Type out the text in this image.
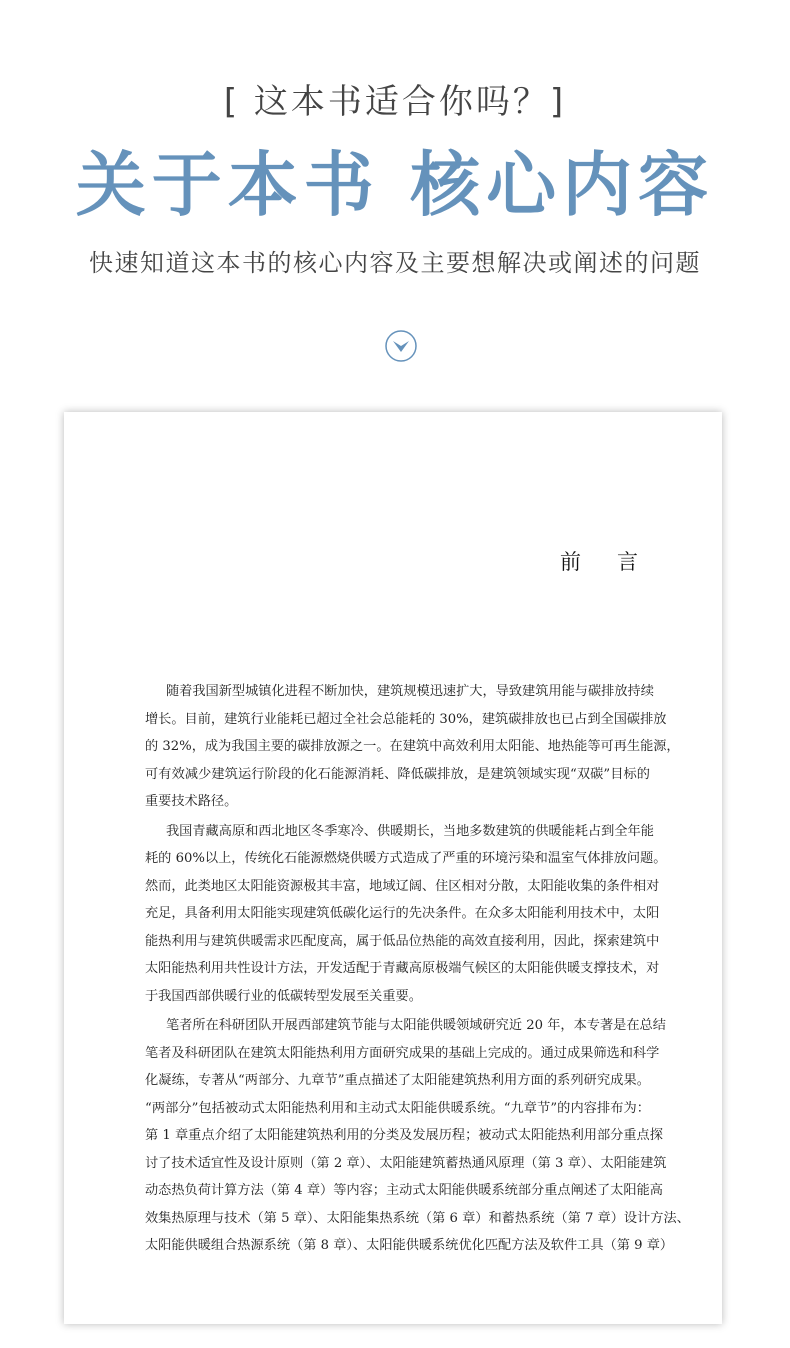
[ 这本书适合你吗？]
关于本书 核心内容
快速知道这本书的核心内容及主要想解决或阐述的问题
前言
随着我国新型城镇化进程不断加快，建筑规模迅速扩大，导致建筑用能与碳排放持续
增长。目前，建筑行业能耗已超过全社会总能耗的 30%，建筑碳排放也已占到全国碳排放
的 32%，成为我国主要的碳排放源之一。在建筑中高效利用太阳能、地热能等可再生能源，
可有效减少建筑运行阶段的化石能源消耗、降低碳排放，是建筑领域实现“双碳”目标的
重要技术路径。
我国青藏高原和西北地区冬季寒冷、供暖期长，当地多数建筑的供暖能耗占到全年能
耗的 60%以上，传统化石能源燃烧供暖方式造成了严重的环境污染和温室气体排放问题。
然而，此类地区太阳能资源极其丰富，地域辽阔、住区相对分散，太阳能收集的条件相对
充足，具备利用太阳能实现建筑低碳化运行的先决条件。在众多太阳能利用技术中，太阳
能热利用与建筑供暖需求匹配度高，属于低品位热能的高效直接利用，因此，探索建筑中
太阳能热利用共性设计方法，开发适配于青藏高原极端气候区的太阳能供暖支撑技术，对
于我国西部供暖行业的低碳转型发展至关重要。
笔者所在科研团队开展西部建筑节能与太阳能供暖领域研究近 20 年，本专著是在总结
笔者及科研团队在建筑太阳能热利用方面研究成果的基础上完成的。通过成果筛选和科学
化凝练，专著从“两部分、九章节”重点描述了太阳能建筑热利用方面的系列研究成果。
“两部分”包括被动式太阳能热利用和主动式太阳能供暖系统。“九章节”的内容排布为：
第 1 章重点介绍了太阳能建筑热利用的分类及发展历程；被动式太阳能热利用部分重点探
讨了技术适宜性及设计原则（第 2 章）、太阳能建筑蓄热通风原理（第 3 章）、太阳能建筑
动态热负荷计算方法（第 4 章）等内容；主动式太阳能供暖系统部分重点阐述了太阳能高
效集热原理与技术（第 5 章）、太阳能集热系统（第 6 章）和蓄热系统（第 7 章）设计方法、
太阳能供暖组合热源系统（第 8 章）、太阳能供暖系统优化匹配方法及软件工具（第 9 章）
